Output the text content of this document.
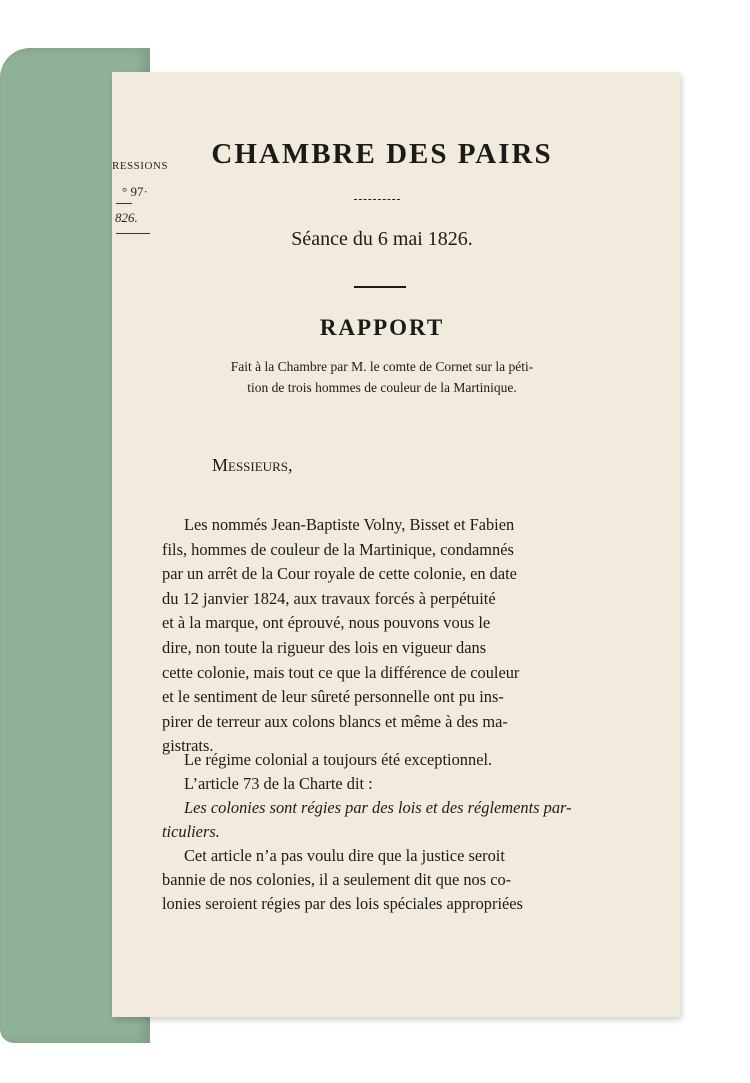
RESSIONS
° 97·
826.
CHAMBRE DES PAIRS
Séance du 6 mai 1826.
RAPPORT
Fait à la Chambre par M. le comte de Cornet sur la péti-
tion de trois hommes de couleur de la Martinique.
Messieurs,
Les nommés Jean-Baptiste Volny, Bisset et Fabien
fils, hommes de couleur de la Martinique, condamnés
par un arrêt de la Cour royale de cette colonie, en date
du 12 janvier 1824, aux travaux forcés à perpétuité
et à la marque, ont éprouvé, nous pouvons vous le
dire, non toute la rigueur des lois en vigueur dans
cette colonie, mais tout ce que la différence de couleur
et le sentiment de leur sûreté personnelle ont pu ins-
pirer de terreur aux colons blancs et même à des ma-
gistrats.
Le régime colonial a toujours été exceptionnel.
L’article 73 de la Charte dit :
Les colonies sont régies par des lois et des réglements par-
ticuliers.
Cet article n’a pas voulu dire que la justice seroit
bannie de nos colonies, il a seulement dit que nos co-
lonies seroient régies par des lois spéciales appropriées
